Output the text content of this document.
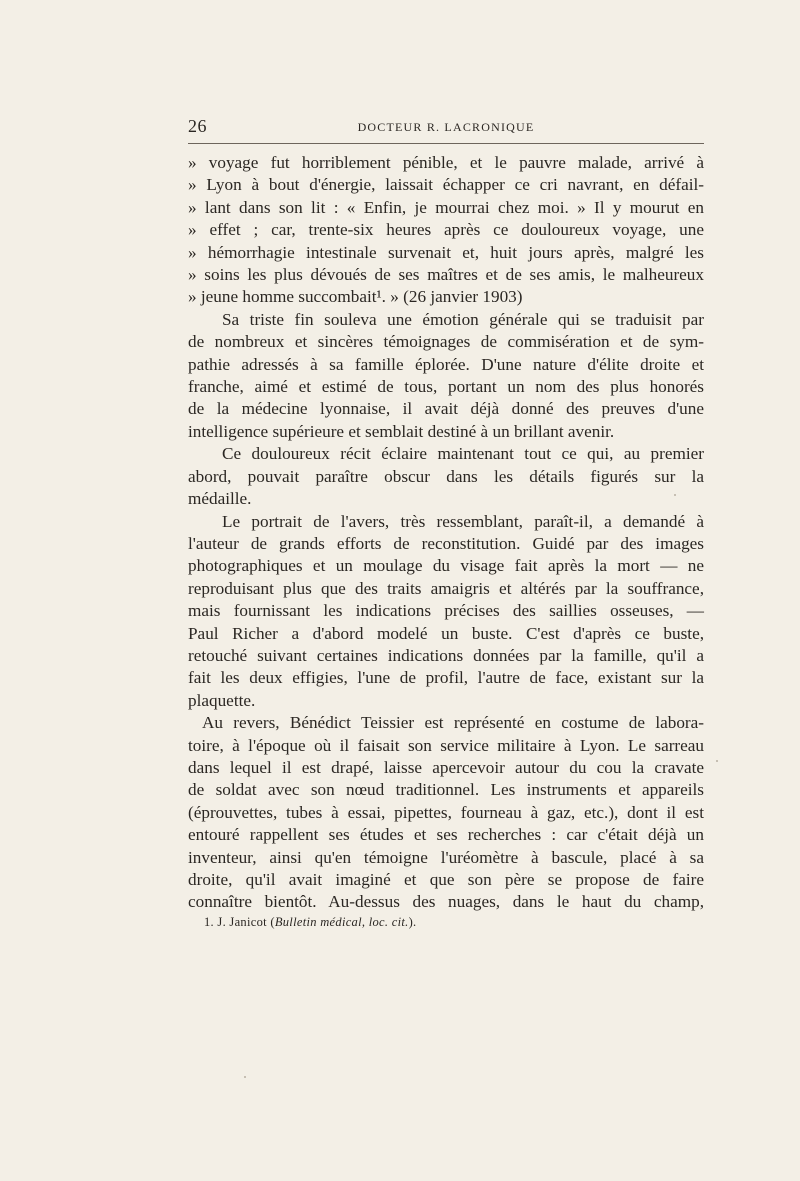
26	DOCTEUR R. LACRONIQUE

» voyage fut horriblement pénible, et le pauvre malade, arrivé à

» Lyon à bout d'énergie, laissait échapper ce cri navrant, en défail-

» lant dans son lit : « Enfin, je mourrai chez moi. » Il y mourut en

» effet ; car, trente-six heures après ce douloureux voyage, une

» hémorrhagie intestinale survenait et, huit jours après, malgré les

» soins les plus dévoués de ses maîtres et de ses amis, le malheureux

» jeune homme succombait¹. » (26 janvier 1903)

Sa triste fin souleva une émotion générale qui se traduisit par

de nombreux et sincères témoignages de commisération et de sym-

pathie adressés à sa famille éplorée. D'une nature d'élite droite et

franche, aimé et estimé de tous, portant un nom des plus honorés

de la médecine lyonnaise, il avait déjà donné des preuves d'une

intelligence supérieure et semblait destiné à un brillant avenir.

Ce douloureux récit éclaire maintenant tout ce qui, au premier

abord, pouvait paraître obscur dans les détails figurés sur la

médaille.

Le portrait de l'avers, très ressemblant, paraît-il, a demandé à

l'auteur de grands efforts de reconstitution. Guidé par des images

photographiques et un moulage du visage fait après la mort — ne

reproduisant plus que des traits amaigris et altérés par la souffrance,

mais fournissant les indications précises des saillies osseuses, —

Paul Richer a d'abord modelé un buste. C'est d'après ce buste,

retouché suivant certaines indications données par la famille, qu'il a

fait les deux effigies, l'une de profil, l'autre de face, existant sur la

plaquette.

Au revers, Bénédict Teissier est représenté en costume de labora-

toire, à l'époque où il faisait son service militaire à Lyon. Le sarreau

dans lequel il est drapé, laisse apercevoir autour du cou la cravate

de soldat avec son nœud traditionnel. Les instruments et appareils

(éprouvettes, tubes à essai, pipettes, fourneau à gaz, etc.), dont il est

entouré rappellent ses études et ses recherches : car c'était déjà un

inventeur, ainsi qu'en témoigne l'uréomètre à bascule, placé à sa

droite, qu'il avait imaginé et que son père se propose de faire

connaître bientôt. Au-dessus des nuages, dans le haut du champ,

1. J. Janicot (Bulletin médical, loc. cit.).
